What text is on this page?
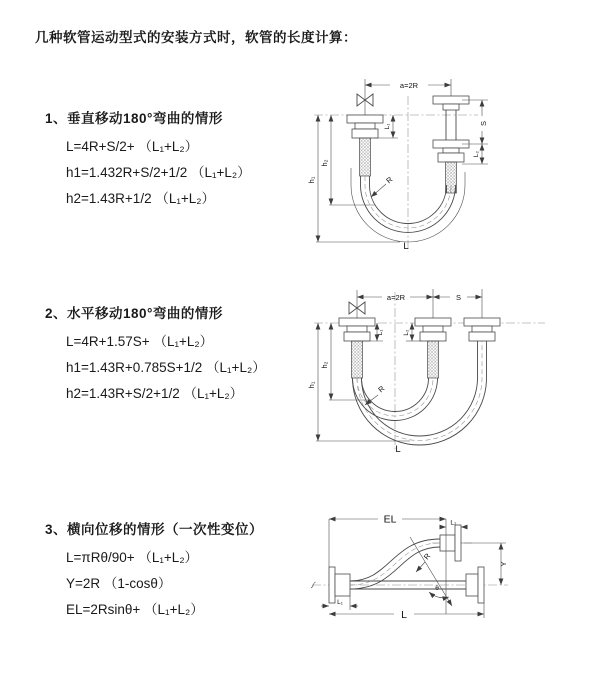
几种软管运动型式的安装方式时，软管的长度计算：

1、垂直移动180°弯曲的情形

L=4R+S/2+ （L₁+L₂）
h1=1.432R+S/2+1/2 （L₁+L₂）
h2=1.43R+1/2 （L₁+L₂）

2、水平移动180°弯曲的情形

L=4R+1.57S+ （L₁+L₂）
h1=1.43R+0.785S+1/2 （L₁+L₂）
h2=1.43R+S/2+1/2 （L₁+L₂）

3、横向位移的情形（一次性变位）

L=πRθ/90+ （L₁+L₂）
Y=2R （1-cosθ）
EL=2Rsinθ+ （L₁+L₂）
a=2R
h₁
h₂
L₁
S
L₂
R
L
a=2R	S
h₁
h₂
L₁	L₂
R
L
EL	L₂
Y
R
θ
L
L₁
